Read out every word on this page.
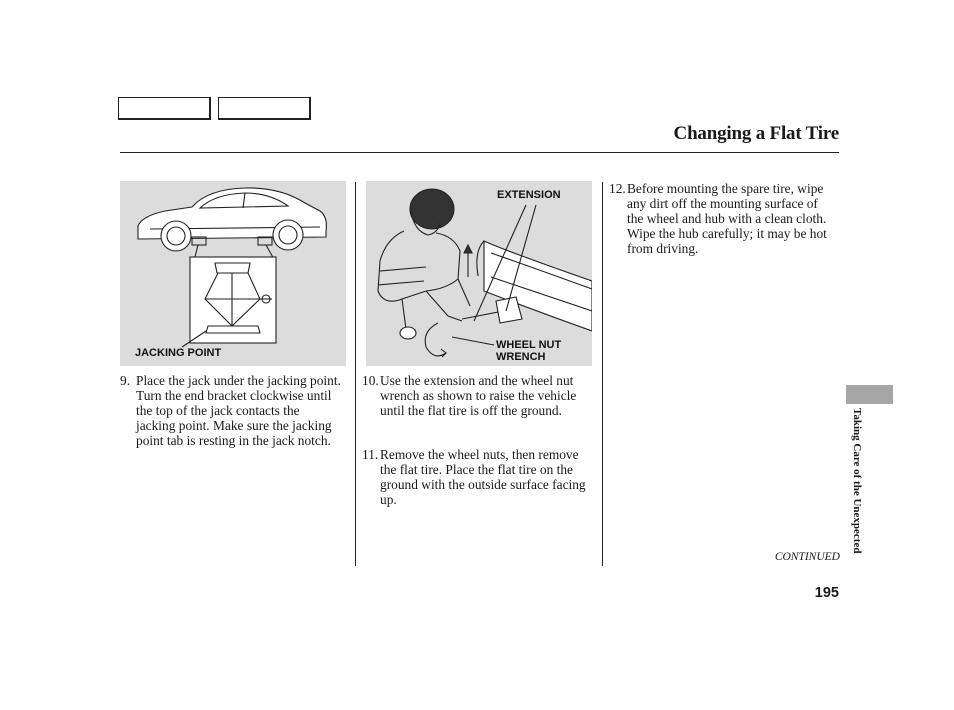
Changing a Flat Tire
JACKING POINT
EXTENSION
WHEEL NUT
WRENCH
9. Place the jack under the jacking point. Turn the end bracket clockwise until the top of the jack contacts the jacking point. Make sure the jacking point tab is resting in the jack notch.
10. Use the extension and the wheel nut wrench as shown to raise the vehicle until the flat tire is off the ground.
11. Remove the wheel nuts, then remove the flat tire. Place the flat tire on the ground with the outside surface facing up.
12. Before mounting the spare tire, wipe any dirt off the mounting surface of the wheel and hub with a clean cloth. Wipe the hub carefully; it may be hot from driving.
Taking Care of the Unexpected
CONTINUED
195
